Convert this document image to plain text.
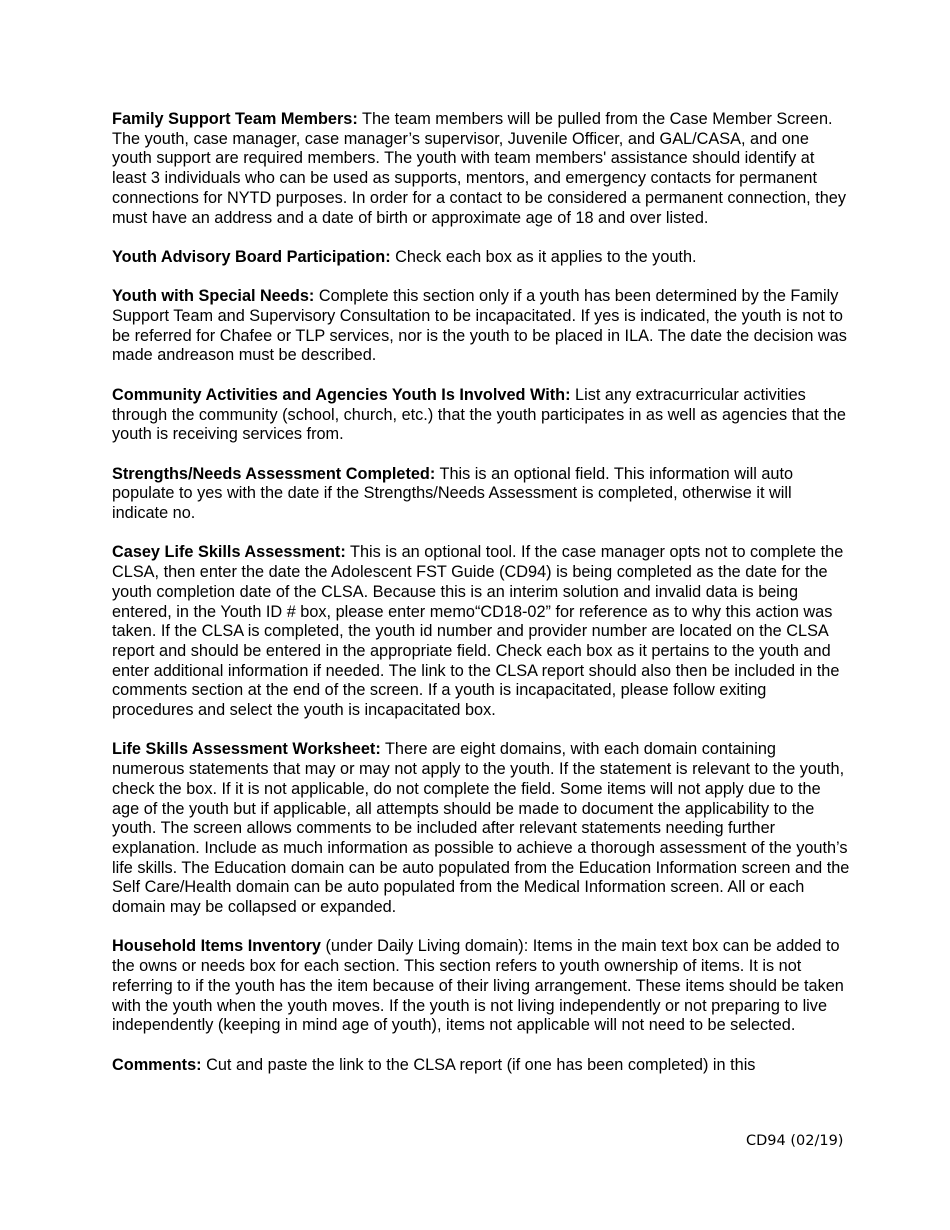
Family Support Team Members: The team members will be pulled from the Case Member Screen. The youth, case manager, case manager’s supervisor, Juvenile Officer, and GAL/CASA, and one youth support are required members. The youth with team members' assistance should identify at least 3 individuals who can be used as supports, mentors, and emergency contacts for permanent connections for NYTD purposes. In order for a contact to be considered a permanent connection, they must have an address and a date of birth or approximate age of 18 and over listed.

Youth Advisory Board Participation: Check each box as it applies to the youth.

Youth with Special Needs: Complete this section only if a youth has been determined by the Family Support Team and Supervisory Consultation to be incapacitated. If yes is indicated, the youth is not to be referred for Chafee or TLP services, nor is the youth to be placed in ILA. The date the decision was made andreason must be described.

Community Activities and Agencies Youth Is Involved With: List any extracurricular activities through the community (school, church, etc.) that the youth participates in as well as agencies that the youth is receiving services from.

Strengths/Needs Assessment Completed: This is an optional field. This information will auto populate to yes with the date if the Strengths/Needs Assessment is completed, otherwise it will indicate no.

Casey Life Skills Assessment: This is an optional tool. If the case manager opts not to complete the CLSA, then enter the date the Adolescent FST Guide (CD94) is being completed as the date for the youth completion date of the CLSA. Because this is an interim solution and invalid data is being entered, in the Youth ID # box, please enter memo“CD18-02” for reference as to why this action was taken. If the CLSA is completed, the youth id number and provider number are located on the CLSA report and should be entered in the appropriate field. Check each box as it pertains to the youth and enter additional information if needed. The link to the CLSA report should also then be included in the comments section at the end of the screen. If a youth is incapacitated, please follow exiting procedures and select the youth is incapacitated box.

Life Skills Assessment Worksheet: There are eight domains, with each domain containing numerous statements that may or may not apply to the youth. If the statement is relevant to the youth, check the box. If it is not applicable, do not complete the field. Some items will not apply due to the age of the youth but if applicable, all attempts should be made to document the applicability to the youth. The screen allows comments to be included after relevant statements needing further explanation. Include as much information as possible to achieve a thorough assessment of the youth’s life skills. The Education domain can be auto populated from the Education Information screen and the Self Care/Health domain can be auto populated from the Medical Information screen. All or each domain may be collapsed or expanded.

Household Items Inventory (under Daily Living domain): Items in the main text box can be added to the owns or needs box for each section. This section refers to youth ownership of items. It is not referring to if the youth has the item because of their living arrangement. These items should be taken with the youth when the youth moves. If the youth is not living independently or not preparing to live independently (keeping in mind age of youth), items not applicable will not need to be selected.

Comments: Cut and paste the link to the CLSA report (if one has been completed) in this

CD94 (02/19)
